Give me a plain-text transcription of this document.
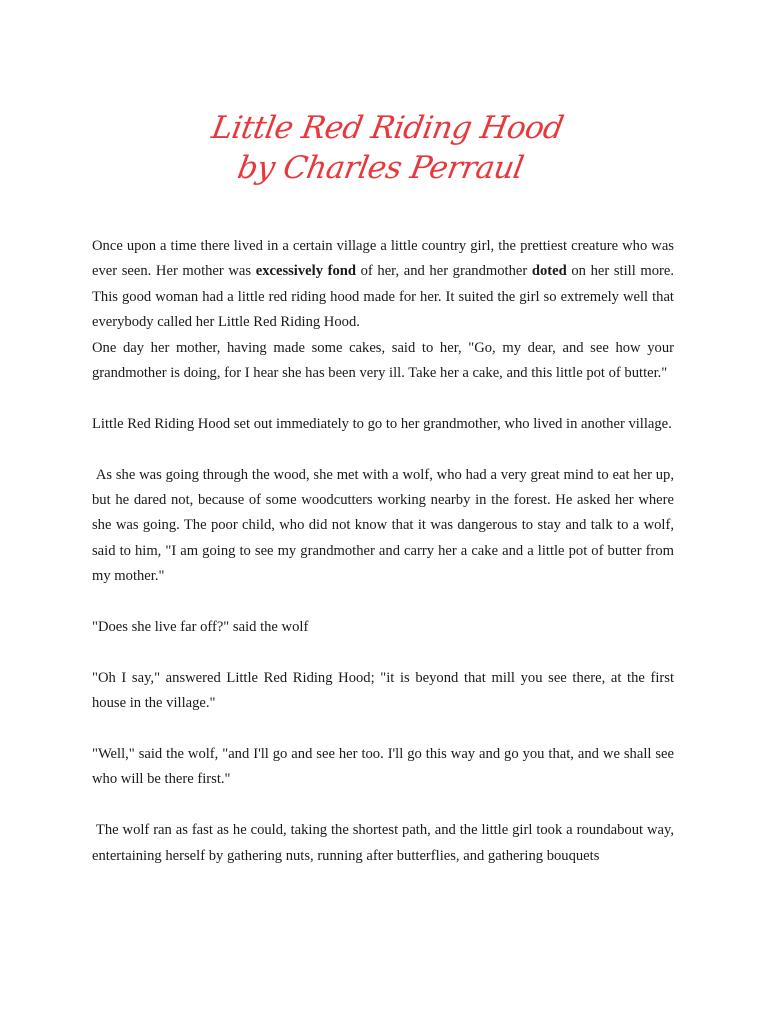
Little Red Riding Hood
by Charles Perraul

Once upon a time there lived in a certain village a little country girl, the prettiest creature who was ever seen. Her mother was excessively fond of her, and her grandmother doted on her still more. This good woman had a little red riding hood made for her. It suited the girl so extremely well that everybody called her Little Red Riding Hood.

One day her mother, having made some cakes, said to her, "Go, my dear, and see how your grandmother is doing, for I hear she has been very ill. Take her a cake, and this little pot of butter."

Little Red Riding Hood set out immediately to go to her grandmother, who lived in another village.

As she was going through the wood, she met with a wolf, who had a very great mind to eat her up, but he dared not, because of some woodcutters working nearby in the forest. He asked her where she was going. The poor child, who did not know that it was dangerous to stay and talk to a wolf, said to him, "I am going to see my grandmother and carry her a cake and a little pot of butter from my mother."

"Does she live far off?" said the wolf

"Oh I say," answered Little Red Riding Hood; "it is beyond that mill you see there, at the first house in the village."

"Well," said the wolf, "and I'll go and see her too. I'll go this way and go you that, and we shall see who will be there first."

The wolf ran as fast as he could, taking the shortest path, and the little girl took a roundabout way, entertaining herself by gathering nuts, running after butterflies, and gathering bouquets
